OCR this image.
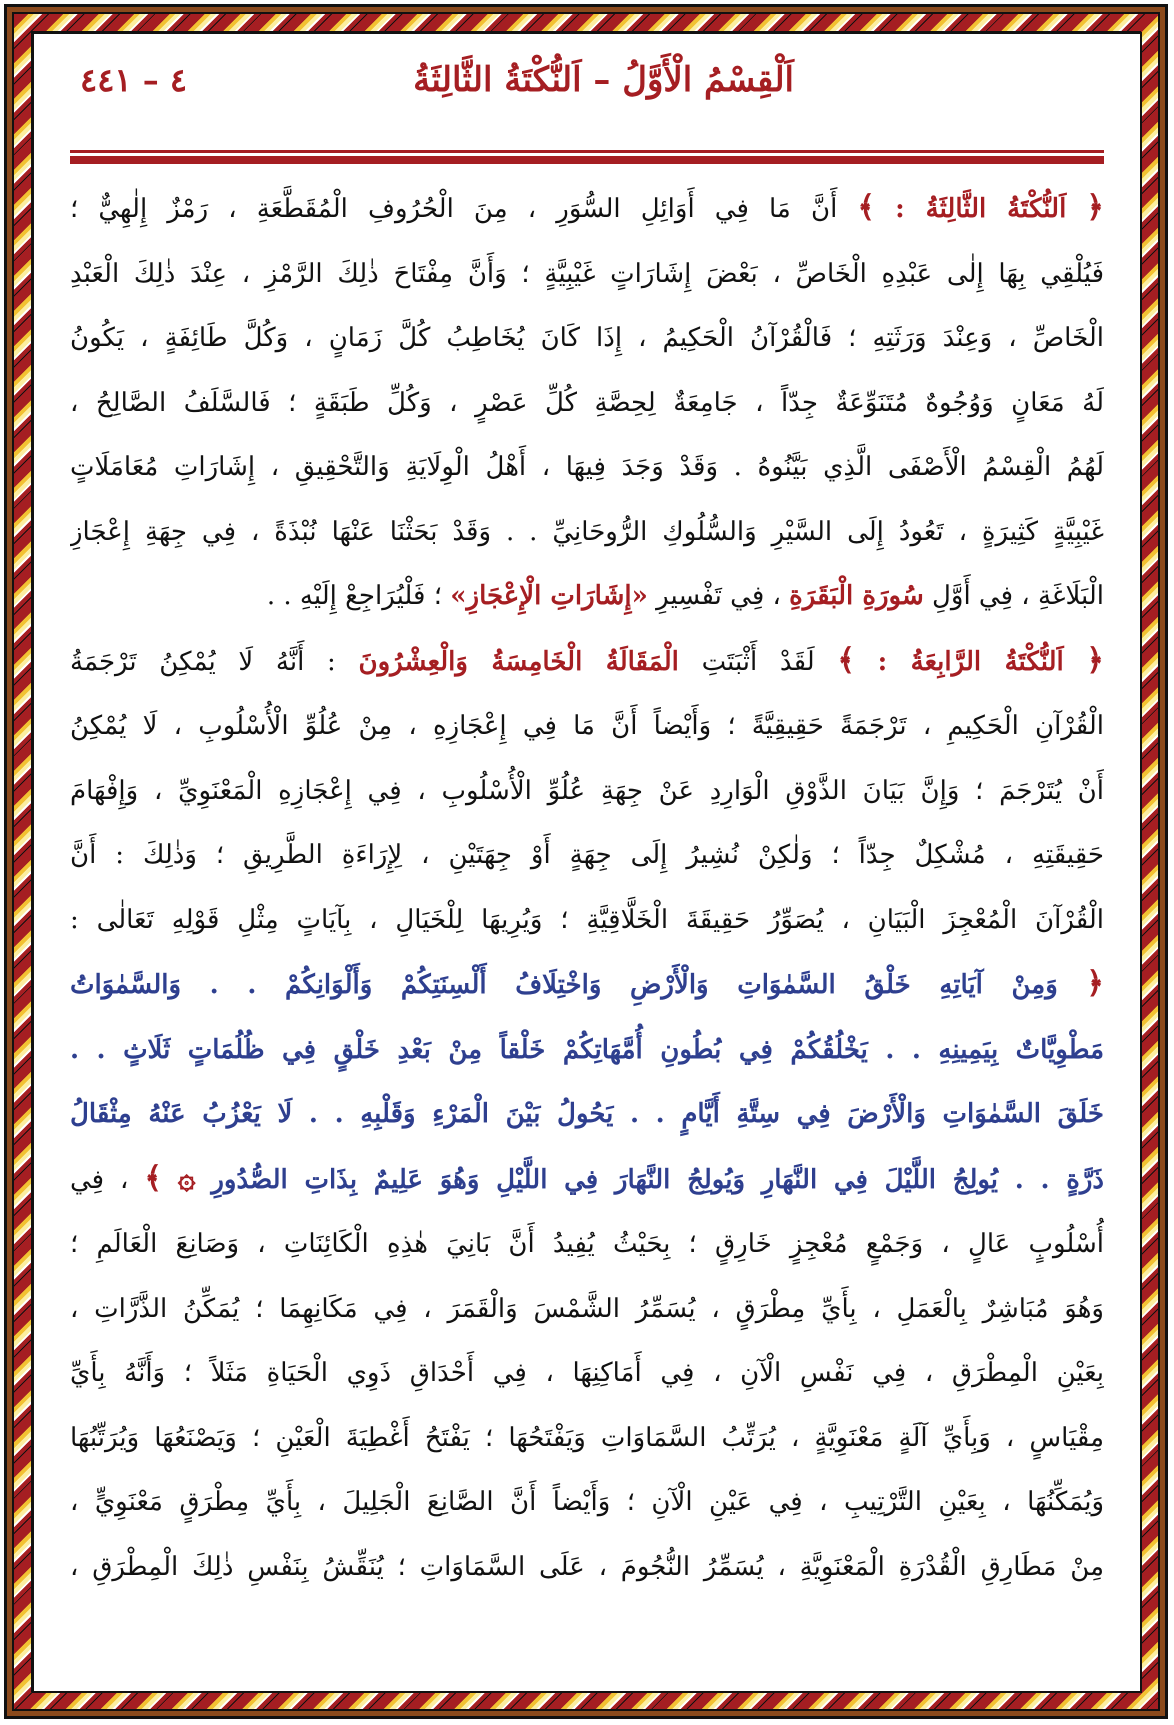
اَلْقِسْمُ الْأَوَّلُ – اَلنُّكْتَةُ الثَّالِثَةُ
٤ – ٤٤١
﴿ اَلنُّكْتَةُ الثَّالِثَةُ : ﴾ أَنَّ مَا فِي أَوَائِلِ السُّوَرِ ، مِنَ الْحُرُوفِ الْمُقَطَّعَةِ ، رَمْزٌ إِلٰهِيٌّ ؛
فَيُلْقِي بِهَا إِلٰى عَبْدِهِ الْخَاصِّ ، بَعْضَ إِشَارَاتٍ غَيْبِيَّةٍ ؛ وَأَنَّ مِفْتَاحَ ذٰلِكَ الرَّمْزِ ، عِنْدَ ذٰلِكَ الْعَبْدِ
الْخَاصِّ ، وَعِنْدَ وَرَثَتِهِ ؛ فَالْقُرْآنُ الْحَكِيمُ ، إِذَا كَانَ يُخَاطِبُ كُلَّ زَمَانٍ ، وَكُلَّ طَائِفَةٍ ، يَكُونُ
لَهُ مَعَانٍ وَوُجُوهٌ مُتَنَوِّعَةٌ جِدّاً ، جَامِعَةٌ لِحِصَّةِ كُلِّ عَصْرٍ ، وَكُلِّ طَبَقَةٍ ؛ فَالسَّلَفُ الصَّالِحُ ،
لَهُمُ الْقِسْمُ الْأَصْفَى الَّذِي بَيَّنُوهُ . وَقَدْ وَجَدَ فِيهَا ، أَهْلُ الْوِلَايَةِ وَالتَّحْقِيقِ ، إِشَارَاتِ مُعَامَلَاتٍ
غَيْبِيَّةٍ كَثِيرَةٍ ، تَعُودُ إِلَى السَّيْرِ وَالسُّلُوكِ الرُّوحَانِيِّ . . وَقَدْ بَحَثْنَا عَنْهَا نُبْذَةً ، فِي جِهَةِ إِعْجَازِ
الْبَلَاغَةِ ، فِي أَوَّلِ سُورَةِ الْبَقَرَةِ ، فِي تَفْسِيرِ «إِشَارَاتِ الْإِعْجَازِ» ؛ فَلْيُرَاجِعْ إِلَيْهِ . .
﴿ اَلنُّكْتَةُ الرَّابِعَةُ : ﴾ لَقَدْ أَثْبَتَتِ الْمَقَالَةُ الْخَامِسَةُ وَالْعِشْرُونَ : أَنَّهُ لَا يُمْكِنُ تَرْجَمَةُ
الْقُرْآنِ الْحَكِيمِ ، تَرْجَمَةً حَقِيقِيَّةً ؛ وَأَيْضاً أَنَّ مَا فِي إِعْجَازِهِ ، مِنْ عُلُوِّ الْأُسْلُوبِ ، لَا يُمْكِنُ
أَنْ يُتَرْجَمَ ؛ وَإِنَّ بَيَانَ الذَّوْقِ الْوَارِدِ عَنْ جِهَةِ عُلُوِّ الْأُسْلُوبِ ، فِي إِعْجَازِهِ الْمَعْنَوِيِّ ، وَإِفْهَامَ
حَقِيقَتِهِ ، مُشْكِلٌ جِدّاً ؛ وَلٰكِنْ نُشِيرُ إِلَى جِهَةٍ أَوْ جِهَتَيْنِ ، لِإِرَاءَةِ الطَّرِيقِ ؛ وَذٰلِكَ : أَنَّ
الْقُرْآنَ الْمُعْجِزَ الْبَيَانِ ، يُصَوِّرُ حَقِيقَةَ الْخَلَّاقِيَّةِ ؛ وَيُرِيهَا لِلْخَيَالِ ، بِآيَاتٍ مِثْلِ قَوْلِهِ تَعَالٰى :
﴿ وَمِنْ آيَاتِهِ خَلْقُ السَّمٰوَاتِ وَالْأَرْضِ وَاخْتِلَافُ أَلْسِنَتِكُمْ وَأَلْوَانِكُمْ . . وَالسَّمٰوَاتُ
مَطْوِيَّاتٌ بِيَمِينِهِ . . يَخْلُقُكُمْ فِي بُطُونِ أُمَّهَاتِكُمْ خَلْقاً مِنْ بَعْدِ خَلْقٍ فِي ظُلُمَاتٍ ثَلَاثٍ . .
خَلَقَ السَّمٰوَاتِ وَالْأَرْضَ فِي سِتَّةِ أَيَّامٍ . . يَحُولُ بَيْنَ الْمَرْءِ وَقَلْبِهِ . . لَا يَعْزُبُ عَنْهُ مِثْقَالُ
ذَرَّةٍ . . يُولِجُ اللَّيْلَ فِي النَّهَارِ وَيُولِجُ النَّهَارَ فِي اللَّيْلِ وَهُوَ عَلِيمٌ بِذَاتِ الصُّدُورِ ۞ ﴾ ، فِي
أُسْلُوبٍ عَالٍ ، وَجَمْعٍ مُعْجِزٍ خَارِقٍ ؛ بِحَيْثُ يُفِيدُ أَنَّ بَانِيَ هٰذِهِ الْكَائِنَاتِ ، وَصَانِعَ الْعَالَمِ ؛
وَهُوَ مُبَاشِرٌ بِالْعَمَلِ ، بِأَيِّ مِطْرَقٍ ، يُسَمِّرُ الشَّمْسَ وَالْقَمَرَ ، فِي مَكَانِهِمَا ؛ يُمَكِّنُ الذَّرَّاتِ ،
بِعَيْنِ الْمِطْرَقِ ، فِي نَفْسِ الْآنِ ، فِي أَمَاكِنِهَا ، فِي أَحْدَاقِ ذَوِي الْحَيَاةِ مَثَلاً ؛ وَأَنَّهُ بِأَيِّ
مِقْيَاسٍ ، وَبِأَيِّ آلَةٍ مَعْنَوِيَّةٍ ، يُرَتِّبُ السَّمَاوَاتِ وَيَفْتَحُهَا ؛ يَفْتَحُ أَغْطِيَةَ الْعَيْنِ ؛ وَيَصْنَعُهَا وَيُرَتِّبُهَا
وَيُمَكِّنُهَا ، بِعَيْنِ التَّرْتِيبِ ، فِي عَيْنِ الْآنِ ؛ وَأَيْضاً أَنَّ الصَّانِعَ الْجَلِيلَ ، بِأَيِّ مِطْرَقٍ مَعْنَوِيٍّ ،
مِنْ مَطَارِقِ الْقُدْرَةِ الْمَعْنَوِيَّةِ ، يُسَمِّرُ النُّجُومَ ، عَلَى السَّمَاوَاتِ ؛ يُنَقِّشُ بِنَفْسِ ذٰلِكَ الْمِطْرَقِ ،
